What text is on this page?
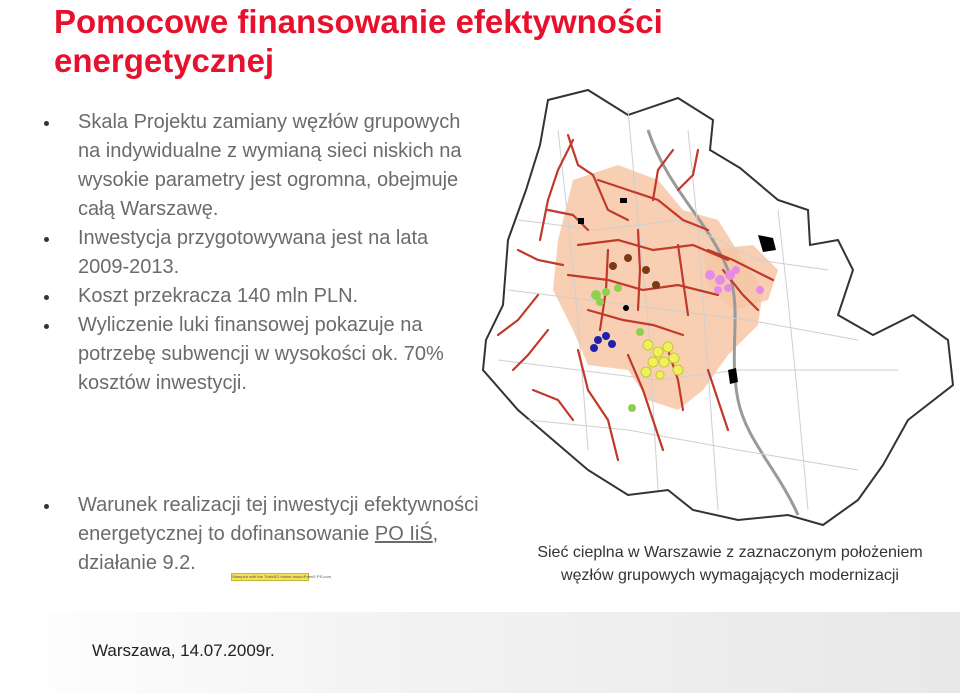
Pomocowe finansowanie efektywności energetycznej
Skala Projektu zamiany węzłów grupowych na indywidualne z wymianą sieci niskich na wysokie parametry jest ogromna, obejmuje całą Warszawę.
Inwestycja przygotowywana jest na lata 2009-2013.
Koszt przekracza 140 mln PLN.
Wyliczenie luki finansowej pokazuje na potrzebę subwencji w wysokości ok. 70% kosztów inwestycji.
Warunek realizacji tej inwestycji efektywności energetycznej to dofinansowanie PO IiŚ, działanie 9.2.
Stamped with the TrialsSO trimter www.rPdenS PS.com
Sieć cieplna w Warszawie z zaznaczonym położeniem węzłów grupowych wymagających modernizacji
Warszawa, 14.07.2009r.
